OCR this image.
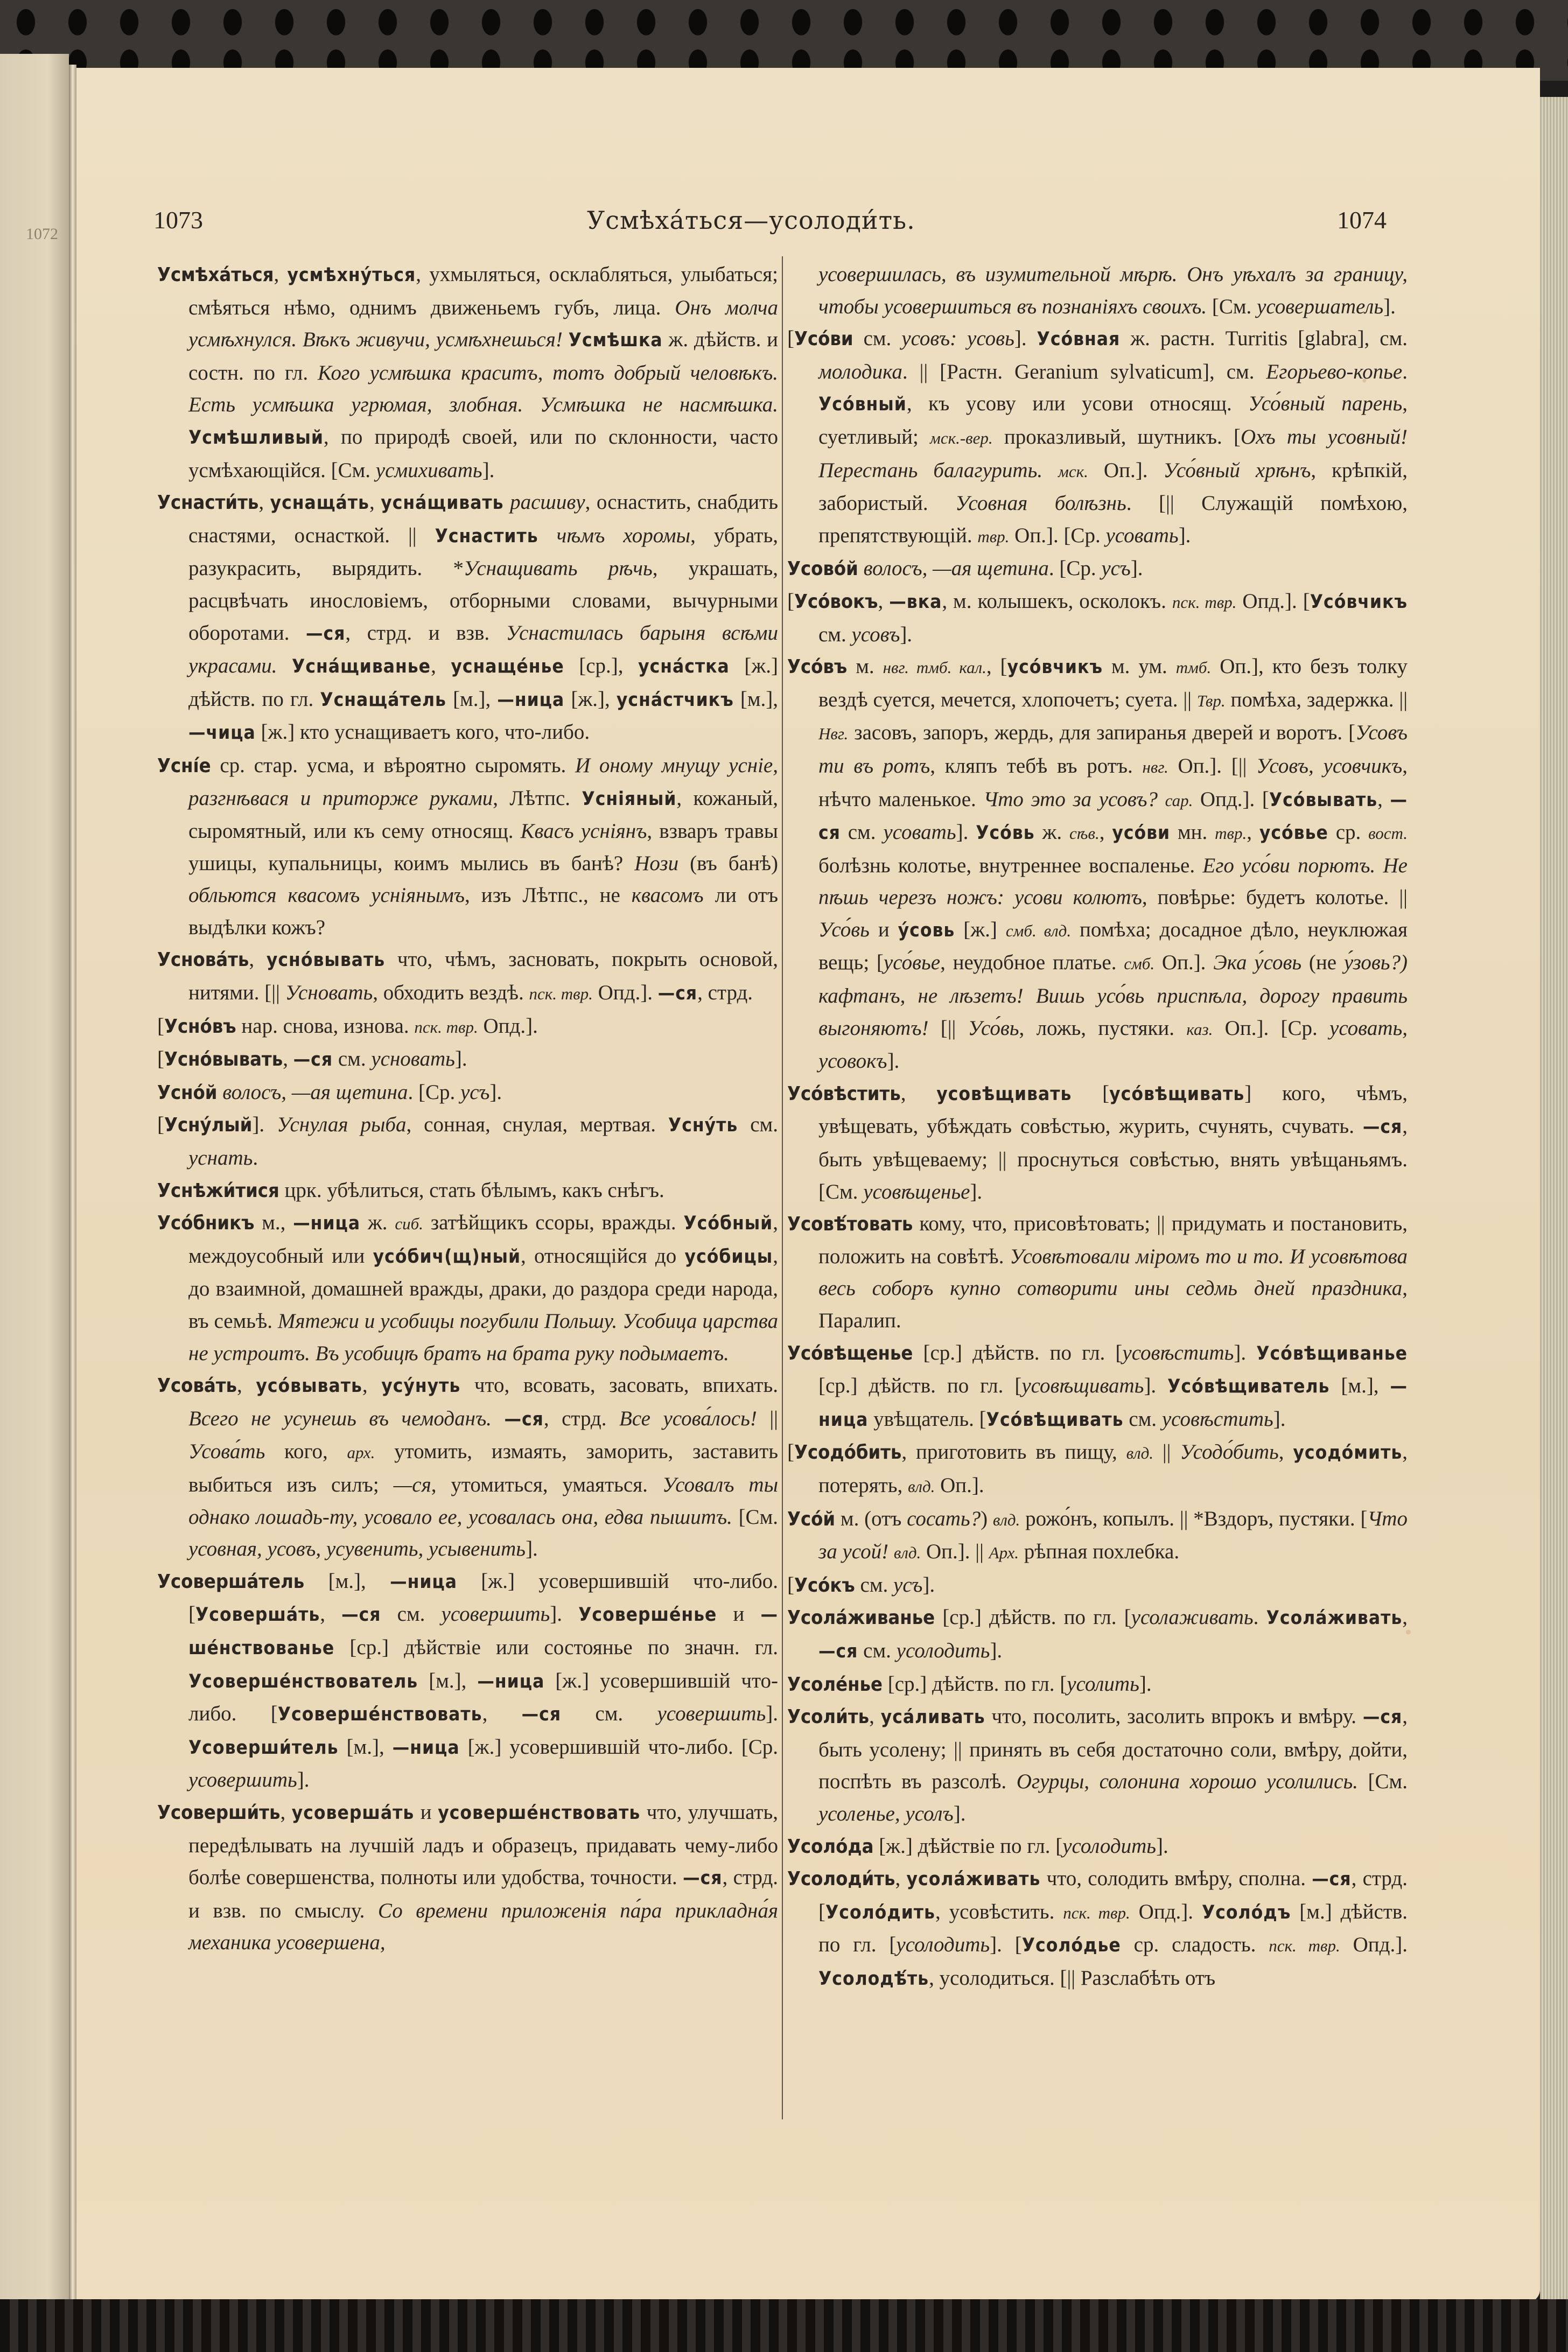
1072
1073	Усмѣха́ться—усолоди́ть.	1074

Усмѣха́ться, усмѣхну́ться, ухмыляться, осклабляться, улыбаться; смѣяться нѣмо, однимъ движеньемъ губъ, лица. Онъ молча усмѣхнулся. Вѣкъ живучи, усмѣхнешься! Усмѣшка ж. дѣйств. и состн. по гл. Кого усмѣшка краситъ, тотъ добрый человѣкъ. Есть усмѣшка угрюмая, злобная. Усмѣшка не насмѣшка. Усмѣшливый, по природѣ своей, или по склонности, часто усмѣхающійся. [См. усмихивать].

Уснасти́ть, уснаща́ть, усна́щивать расшиву, оснастить, снабдить снастями, оснасткой. || Уснастить чѣмъ хоромы, убрать, разукрасить, вырядить. *Уснащивать рѣчь, украшать, расцвѣчать инословіемъ, отборными словами, вычурными оборотами. —ся, стрд. и взв. Уснастилась барыня всѣми украсами. Усна́щиванье, уснаще́нье [ср.], усна́стка [ж.] дѣйств. по гл. Уснаща́тель [м.], —ница [ж.], усна́стчикъ [м.], —чица [ж.] кто уснащиваетъ кого, что-либо.

Усні́е ср. стар. усма, и вѣроятно сыромять. И оному мнущу усніе, разгнѣвася и приторже руками, Лѣтпс. Усніяный, кожаный, сыромятный, или къ сему относящ. Квасъ усніянъ, взваръ травы ушицы, купальницы, коимъ мылись въ банѣ? Нози (въ банѣ) обльются квасомъ усніянымъ, изъ Лѣтпс., не квасомъ ли отъ выдѣлки кожъ?

Уснова́ть, усно́вывать что, чѣмъ, засновать, покрыть основой, нитями. [|| Усновать, обходить вездѣ. пск. твр. Опд.]. —ся, стрд.

[Усно́въ нар. снова, изнова. пск. твр. Опд.].

[Усно́вывать, —ся см. усновать].

Усно́й волосъ, —ая щетина. [Ср. усъ].

[Усну́лый]. Уснулая рыба, сонная, снулая, мертвая. Усну́ть см. уснать.

Уснѣжи́тися црк. убѣлиться, стать бѣлымъ, какъ снѣгъ.

Усо́бникъ м., —ница ж. сиб. затѣйщикъ ссоры, вражды. Усо́бный, междоусобный или усо́бич(щ)ный, относящійся до усо́бицы, до взаимной, домашней вражды, драки, до раздора среди народа, въ семьѣ. Мятежи и усобицы погубили Польшу. Усобица царства не устроитъ. Въ усобицѣ братъ на брата руку подымаетъ.

Усова́ть, усо́вывать, усу́нуть что, всовать, засовать, впихать. Всего не усунешь въ чемоданъ. —ся, стрд. Все усова́лось! || Усова́ть кого, арх. утомить, измаять, заморить, заставить выбиться изъ силъ; —ся, утомиться, умаяться. Усовалъ ты однако лошадь-ту, усовало ее, усовалась она, едва пышитъ. [См. усовная, усовъ, усувенить, усывенить].

Усоверша́тель [м.], —ница [ж.] усовершившій что-либо. [Усоверша́ть, —ся см. усовершить]. Усоверше́нье и —ше́нствованье [ср.] дѣйствіе или состоянье по значн. гл. Усоверше́нствователь [м.], —ница [ж.] усовершившій что-либо. [Усоверше́нствовать, —ся см. усовершить]. Усоверши́тель [м.], —ница [ж.] усовершившій что-либо. [Ср. усовершить].

Усоверши́ть, усоверша́ть и усоверше́нствовать что, улучшать, передѣлывать на лучшій ладъ и образецъ, придавать чему-либо болѣе совершенства, полноты или удобства, точности. —ся, стрд. и взв. по смыслу. Со времени приложенія па́ра прикладна́я механика усовершена,

усовершилась, въ изумительной мѣрѣ. Онъ уѣхалъ за границу, чтобы усовершиться въ познаніяхъ своихъ. [См. усовершатель].

[Усо́ви см. усовъ: усовь]. Усо́вная ж. растн. Turritis [glabra], см. молодика. || [Растн. Geranium sylvaticum], см. Егорьево-копье. Усо́вный, къ усову или усови относящ. Усо́вный парень, суетливый; мск.-вер. проказливый, шутникъ. [Охъ ты усовный! Перестань балагурить. мск. Оп.]. Усо́вный хрѣнъ, крѣпкій, забористый. Усовная болѣзнь. [|| Служащій помѣхою, препятствующій. твр. Оп.]. [Ср. усовать].

Усово́й волосъ, —ая щетина. [Ср. усъ].

[Усо́вокъ, —вка, м. колышекъ, осколокъ. пск. твр. Опд.]. [Усо́вчикъ см. усовъ].

Усо́въ м. нвг. тмб. кал., [усо́вчикъ м. ум. тмб. Оп.], кто безъ толку вездѣ суется, мечется, хлопочетъ; суета. || Твр. помѣха, задержка. || Нвг. засовъ, запоръ, жердь, для запиранья дверей и воротъ. [Усовъ ти въ ротъ, кляпъ тебѣ въ ротъ. нвг. Оп.]. [|| Усовъ, усовчикъ, нѣчто маленькое. Что это за усовъ? сар. Опд.]. [Усо́вывать, —ся см. усовать]. Усо́вь ж. сѣв., усо́ви мн. твр., усо́вье ср. вост. болѣзнь колотье, внутреннее воспаленье. Его усо́ви порютъ. Не пѣшь черезъ ножъ: усови колютъ, повѣрье: будетъ колотье. || Усо́вь и у́совь [ж.] смб. влд. помѣха; досадное дѣло, неуклюжая вещь; [усо́вье, неудобное платье. смб. Оп.]. Эка у́совь (не у́зовь?) кафтанъ, не лѣзетъ! Вишь усо́вь приспѣла, дорогу править выгоняютъ! [|| Усо́вь, ложь, пустяки. каз. Оп.]. [Ср. усовать, усовокъ].

Усо́вѣстить, усовѣщивать [усо́вѣщивать] кого, чѣмъ, увѣщевать, убѣждать совѣстью, журить, счунять, счувать. —ся, быть увѣщеваему; || проснуться совѣстью, внять увѣщаньямъ. [См. усовѣщенье].

Усовѣ́товать кому, что, присовѣтовать; || придумать и постановить, положить на совѣтѣ. Усовѣтовали міромъ то и то. И усовѣтова весь соборъ купно сотворити ины седмь дней праздника, Паралип.

Усо́вѣщенье [ср.] дѣйств. по гл. [усовѣстить]. Усо́вѣщиванье [ср.] дѣйств. по гл. [усовѣщивать]. Усо́вѣщиватель [м.], —ница увѣщатель. [Усо́вѣщивать см. усовѣстить].

[Усодо́бить, приготовить въ пищу, влд. || Усодо́бить, усодо́мить, потерять, влд. Оп.].

Усо́й м. (отъ сосать?) влд. рожо́нъ, копылъ. || *Вздоръ, пустяки. [Что за усой! влд. Оп.]. || Арх. рѣпная похлебка.

[Усо́къ см. усъ].

Усола́живанье [ср.] дѣйств. по гл. [усолаживать. Усола́живать, —ся см. усолодить].

Усоле́нье [ср.] дѣйств. по гл. [усолить].

Усоли́ть, уса́ливать что, посолить, засолить впрокъ и вмѣру. —ся, быть усолену; || принять въ себя достаточно соли, вмѣру, дойти, поспѣть въ разсолѣ. Огурцы, солонина хорошо усолились. [См. усоленье, усолъ].

Усоло́да [ж.] дѣйствіе по гл. [усолодить].

Усолоди́ть, усола́живать что, солодить вмѣру, сполна. —ся, стрд. [Усоло́дить, усовѣстить. пск. твр. Опд.]. Усоло́дъ [м.] дѣйств. по гл. [усолодить]. [Усоло́дье ср. сладость. пск. твр. Опд.]. Усолодѣ́ть, усолодиться. [|| Разслабѣть отъ
